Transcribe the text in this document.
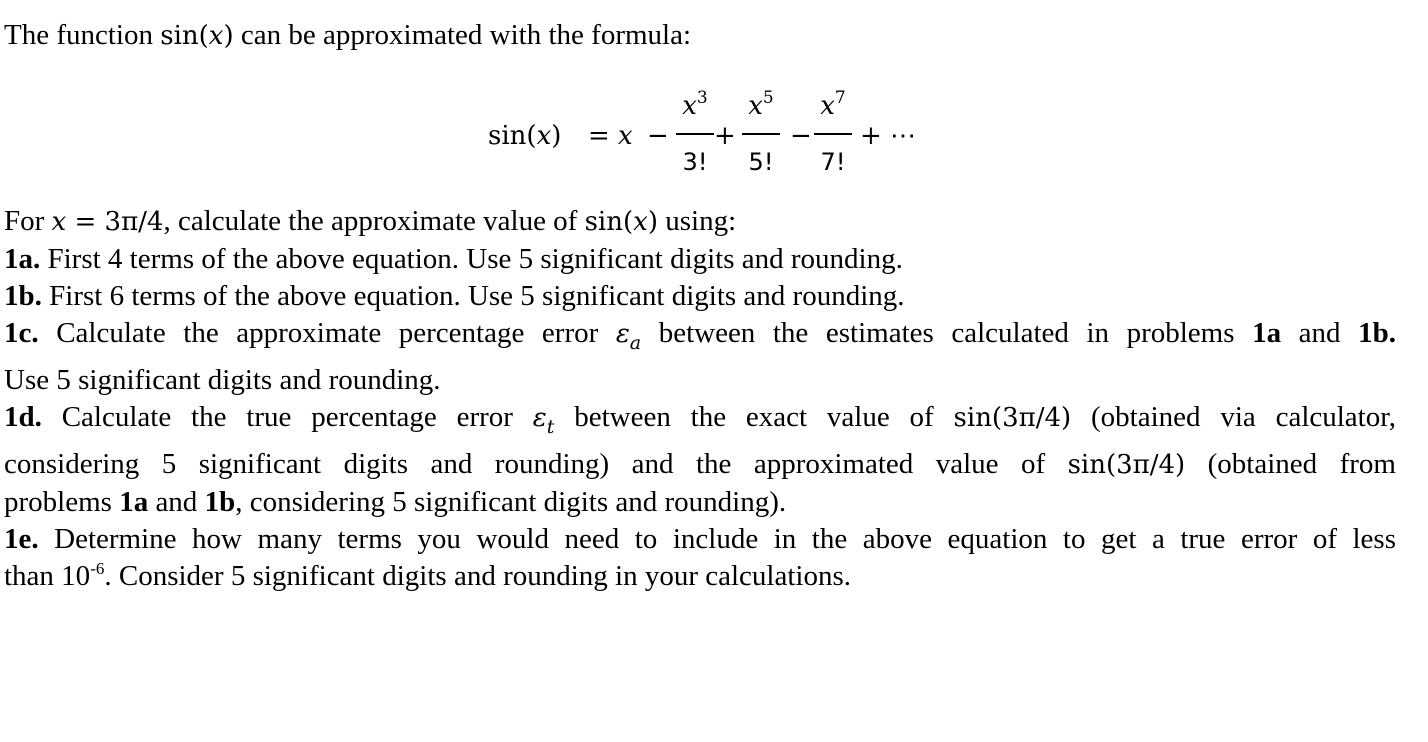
The function sin(x) can be approximated with the formula:
sin(x) = x −
$x^3$
3!
+
$x^5$
5!
−
$x^7$
7!
+ ⋯
For x = 3π/4, calculate the approximate value of sin(x) using:
1a. First 4 terms of the above equation. Use 5 significant digits and rounding.
1b. First 6 terms of the above equation. Use 5 significant digits and rounding.
1c. Calculate the approximate percentage error $\varepsilon_a$ between the estimates calculated in problems 1a and 1b.
Use 5 significant digits and rounding.
1d. Calculate the true percentage error $\varepsilon_t$ between the exact value of sin(3π/4) (obtained via calculator,
considering 5 significant digits and rounding) and the approximated value of sin(3π/4) (obtained from
problems 1a and 1b, considering 5 significant digits and rounding).
1e. Determine how many terms you would need to include in the above equation to get a true error of less
than $10^{-6}$. Consider 5 significant digits and rounding in your calculations.
